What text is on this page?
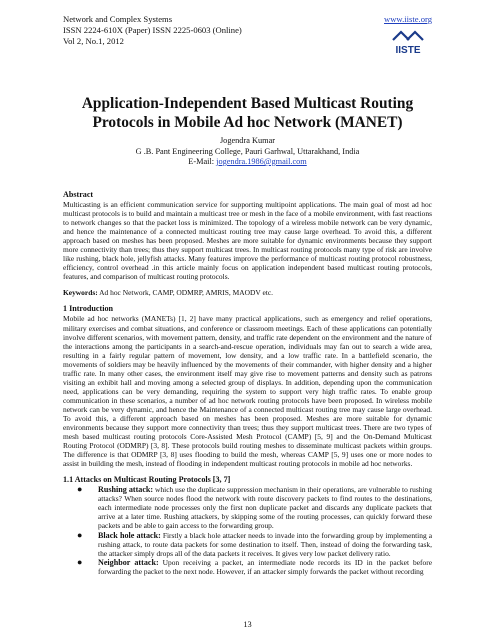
Network and Complex Systems
ISSN 2224-610X (Paper) ISSN 2225-0603 (Online)
Vol 2, No.1, 2012
www.iiste.org
IISTE
Application-Independent Based Multicast Routing Protocols in Mobile Ad hoc Network (MANET)
Jogendra Kumar
G .B. Pant Engineering College, Pauri Garhwal, Uttarakhand, India
E-Mail: jogendra.1986@gmail.com

Abstract

Multicasting is an efficient communication service for supporting multipoint applications. The main goal of most ad hoc multicast protocols is to build and maintain a multicast tree or mesh in the face of a mobile environment, with fast reactions to network changes so that the packet loss is minimized. The topology of a wireless mobile network can be very dynamic, and hence the maintenance of a connected multicast routing tree may cause large overhead. To avoid this, a different approach based on meshes has been proposed. Meshes are more suitable for dynamic environments because they support more connectivity than trees; thus they support multicast trees. In multicast routing protocols many type of risk are involve like rushing, black hole, jellyfish attacks. Many features improve the performance of multicast routing protocol robustness, efficiency, control overhead .in this article mainly focus on application independent based multicast routing protocols, features, and comparison of multicast routing protocols.

Keywords: Ad hoc Network, CAMP, ODMRP, AMRIS, MAODV etc.

1 Introduction

Mobile ad hoc networks (MANETs) [1, 2] have many practical applications, such as emergency and relief operations, military exercises and combat situations, and conference or classroom meetings. Each of these applications can potentially involve different scenarios, with movement pattern, density, and traffic rate dependent on the environment and the nature of the interactions among the participants in a search-and-rescue operation, individuals may fan out to search a wide area, resulting in a fairly regular pattern of movement, low density, and a low traffic rate. In a battlefield scenario, the movements of soldiers may be heavily influenced by the movements of their commander, with higher density and a higher traffic rate. In many other cases, the environment itself may give rise to movement patterns and density such as patrons visiting an exhibit hall and moving among a selected group of displays. In addition, depending upon the communication need, applications can be very demanding, requiring the system to support very high traffic rates. To enable group communication in these scenarios, a number of ad hoc network routing protocols have been proposed. In wireless mobile network can be very dynamic, and hence the Maintenance of a connected multicast routing tree may cause large overhead. To avoid this, a different approach based on meshes has been proposed. Meshes are more suitable for dynamic environments because they support more connectivity than trees; thus they support multicast trees. There are two types of mesh based multicast routing protocols Core-Assisted Mesh Protocol (CAMP) [5, 9] and the On-Demand Multicast Routing Protocol (ODMRP) [3, 8]. These protocols build routing meshes to disseminate multicast packets within groups. The difference is that ODMRP [3, 8] uses flooding to build the mesh, whereas CAMP [5, 9] uses one or more nodes to assist in building the mesh, instead of flooding in independent multicast routing protocols in mobile ad hoc networks.

1.1 Attacks on Multicast Routing Protocols [3, 7]

● Rushing attack: which use the duplicate suppression mechanism in their operations, are vulnerable to rushing attacks? When source nodes flood the network with route discovery packets to find routes to the destinations, each intermediate node processes only the first non duplicate packet and discards any duplicate packets that arrive at a later time. Rushing attackers, by skipping some of the routing processes, can quickly forward these packets and be able to gain access to the forwarding group.
● Black hole attack: Firstly a black hole attacker needs to invade into the forwarding group by implementing a rushing attack, to route data packets for some destination to itself. Then, instead of doing the forwarding task, the attacker simply drops all of the data packets it receives. It gives very low packet delivery ratio.
● Neighbor attack: Upon receiving a packet, an intermediate node records its ID in the packet before forwarding the packet to the next node. However, if an attacker simply forwards the packet without recording
13
